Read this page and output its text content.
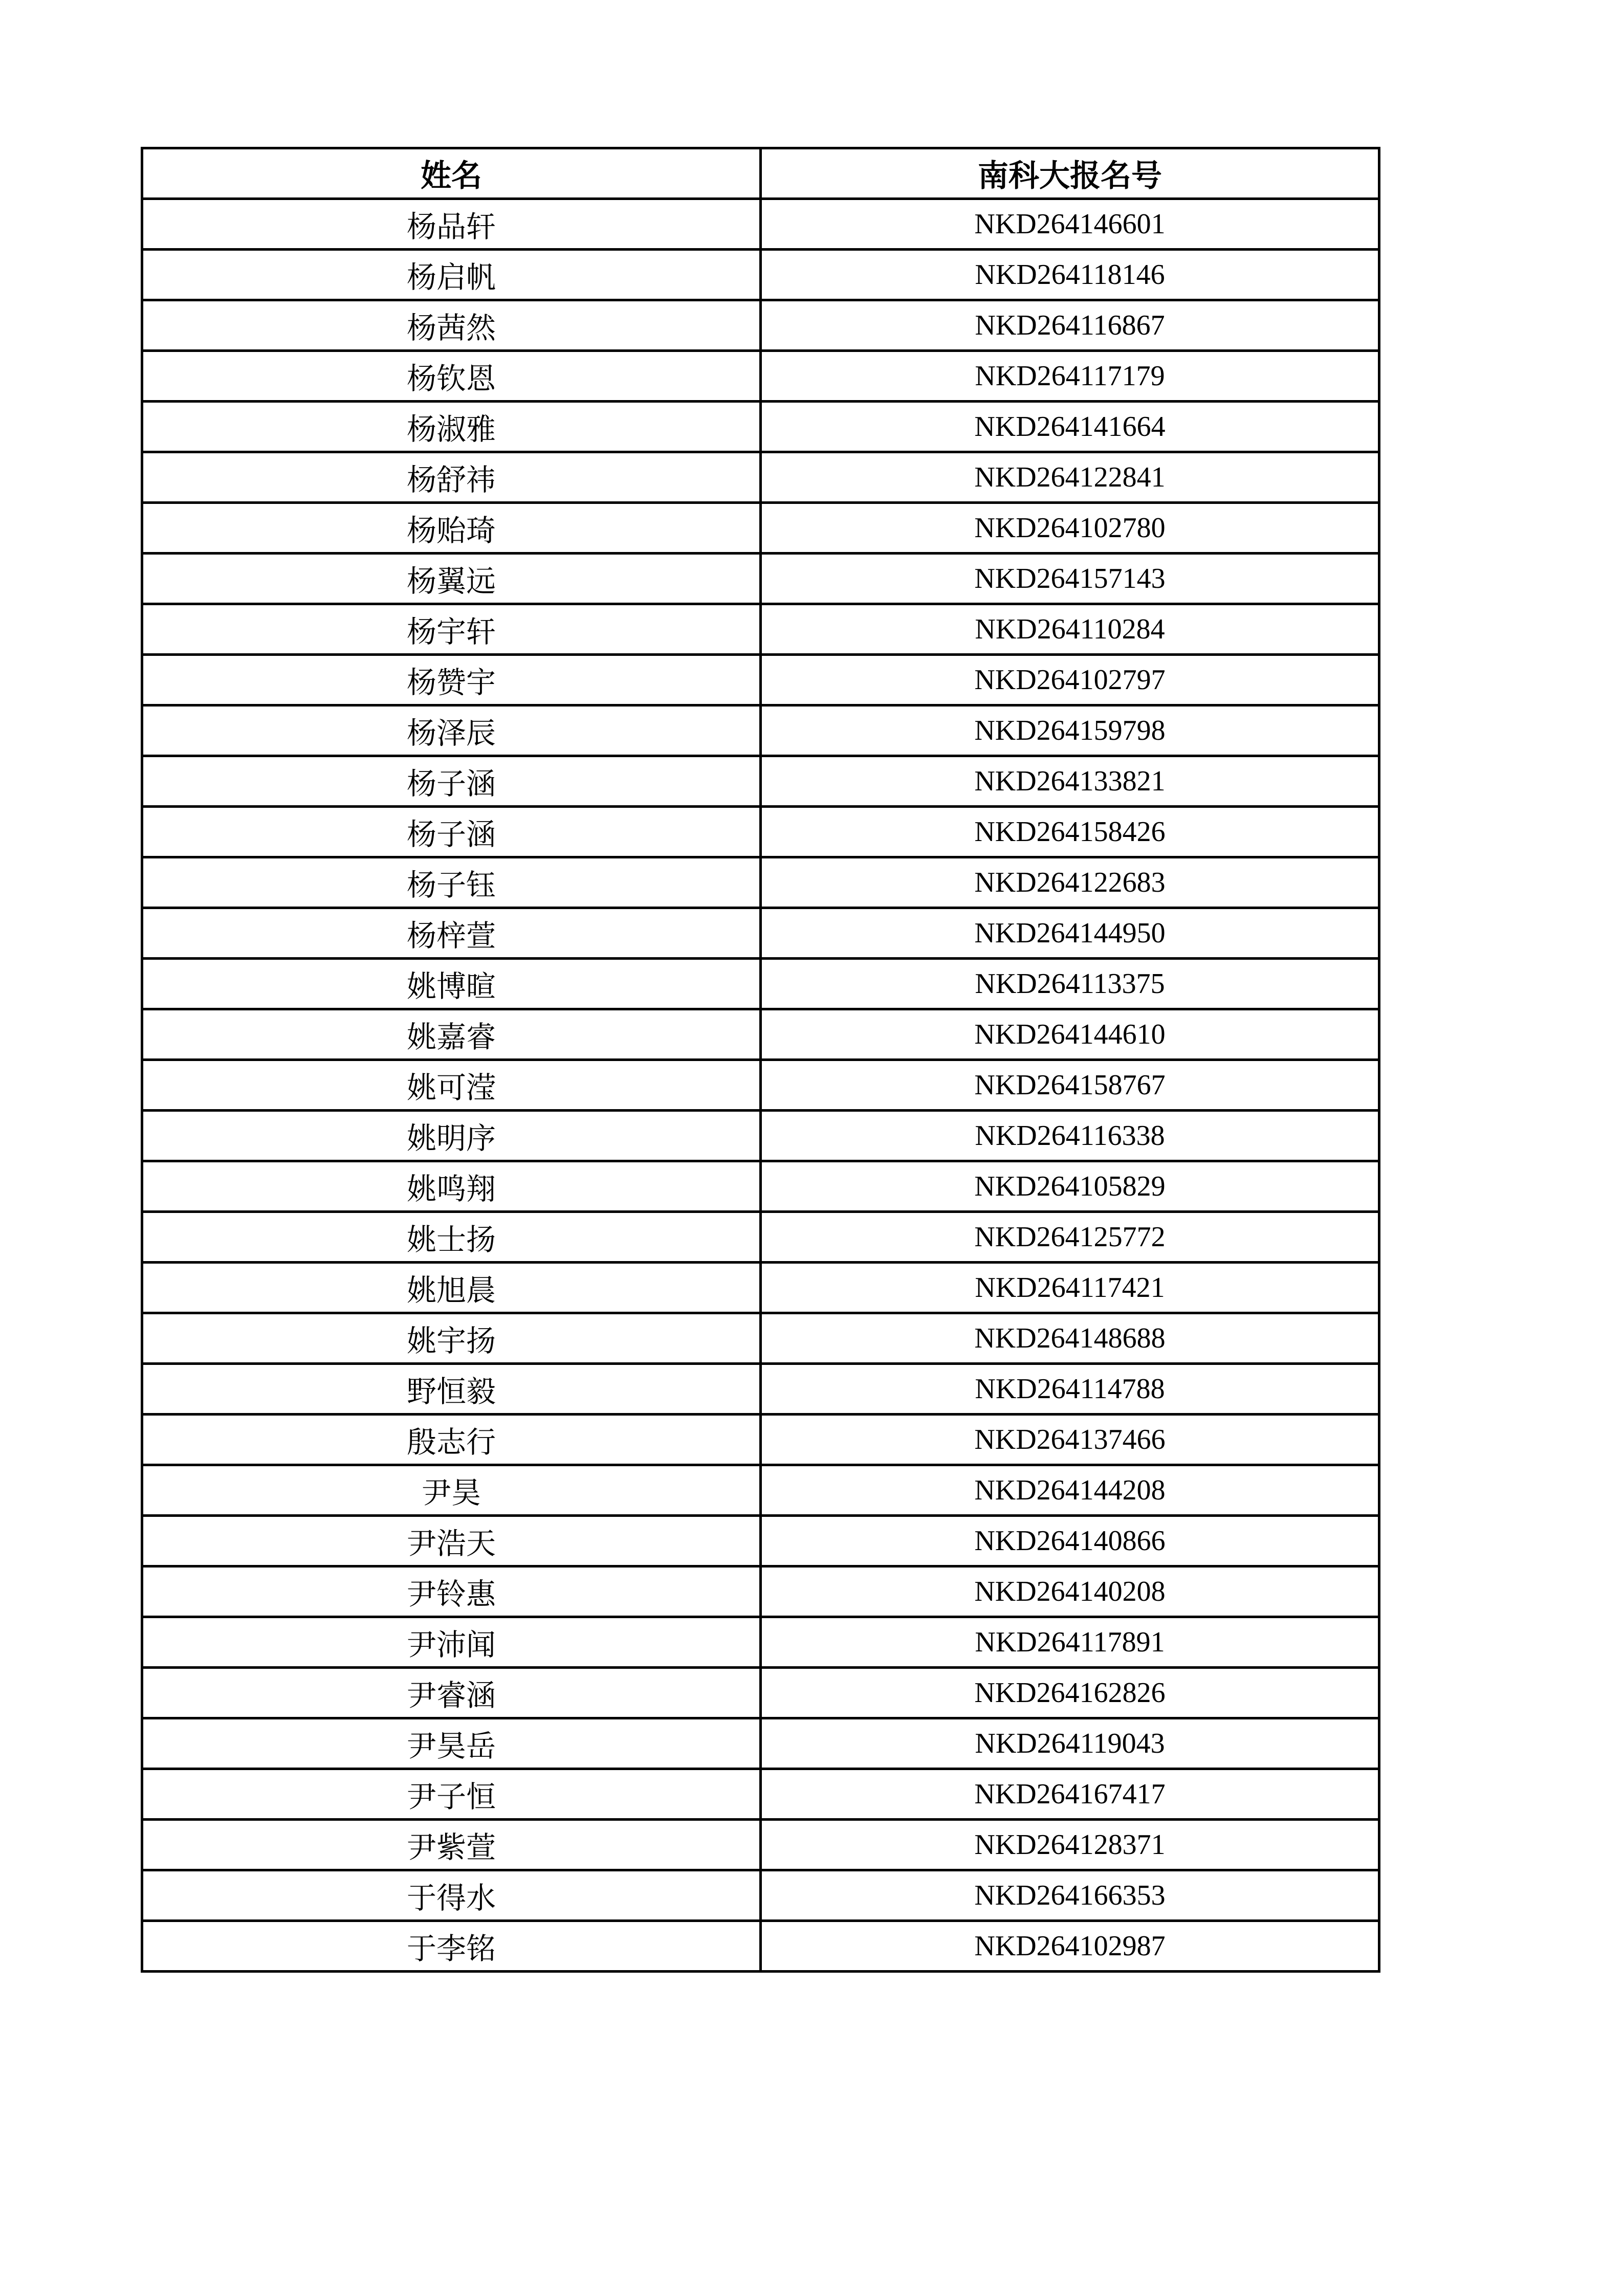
姓名	南科大报名号
杨品轩	NKD264146601
杨启帆	NKD264118146
杨茜然	NKD264116867
杨钦恩	NKD264117179
杨淑雅	NKD264141664
杨舒祎	NKD264122841
杨贻琦	NKD264102780
杨翼远	NKD264157143
杨宇轩	NKD264110284
杨赞宇	NKD264102797
杨泽辰	NKD264159798
杨子涵	NKD264133821
杨子涵	NKD264158426
杨子钰	NKD264122683
杨梓萱	NKD264144950
姚博暄	NKD264113375
姚嘉睿	NKD264144610
姚可滢	NKD264158767
姚明序	NKD264116338
姚鸣翔	NKD264105829
姚士扬	NKD264125772
姚旭晨	NKD264117421
姚宇扬	NKD264148688
野恒毅	NKD264114788
殷志行	NKD264137466
尹昊	NKD264144208
尹浩天	NKD264140866
尹铃惠	NKD264140208
尹沛闻	NKD264117891
尹睿涵	NKD264162826
尹昊岳	NKD264119043
尹子恒	NKD264167417
尹紫萱	NKD264128371
于得水	NKD264166353
于李铭	NKD264102987
